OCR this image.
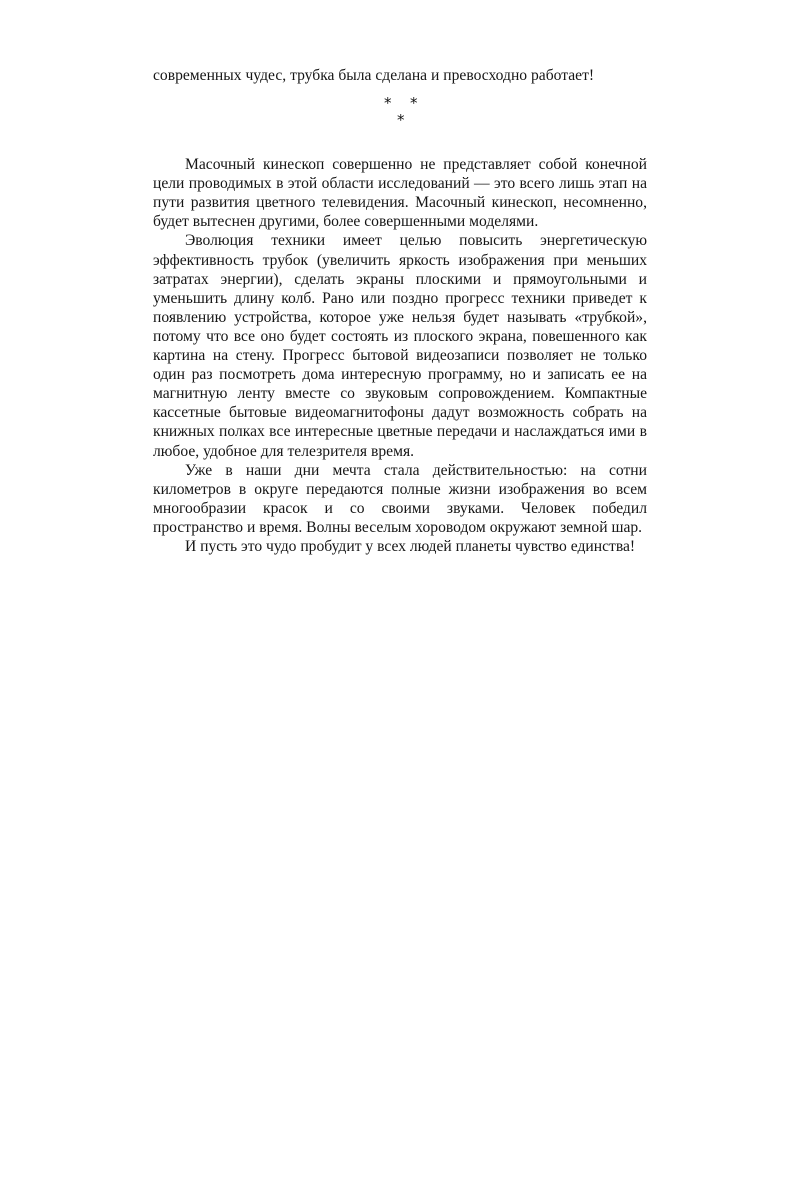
современных чудес, трубка была сделана и превосходно работает!

* *
*

Масочный кинескоп совершенно не представляет собой конечной цели проводимых в этой области исследований — это всего лишь этап на пути развития цветного телевидения. Масочный кинескоп, несомненно, будет вытеснен другими, более совершенными моделями.

Эволюция техники имеет целью повысить энергетическую эффективность трубок (увеличить яркость изображения при меньших затратах энергии), сделать экраны плоскими и прямоугольными и уменьшить длину колб. Рано или поздно прогресс техники приведет к появлению устройства, которое уже нельзя будет называть «трубкой», потому что все оно будет состоять из плоского экрана, повешенного как картина на стену. Прогресс бытовой видеозаписи позволяет не только один раз посмотреть дома интересную программу, но и записать ее на магнитную ленту вместе со звуковым сопровождением. Компактные кассетные бытовые видеомагнитофоны дадут возможность собрать на книжных полках все интересные цветные передачи и наслаждаться ими в любое, удобное для телезрителя время.

Уже в наши дни мечта стала действительностью: на сотни километров в округе передаются полные жизни изображения во всем многообразии красок и со своими звуками. Человек победил пространство и время. Волны веселым хороводом окружают земной шар.

И пусть это чудо пробудит у всех людей планеты чувство единства!
